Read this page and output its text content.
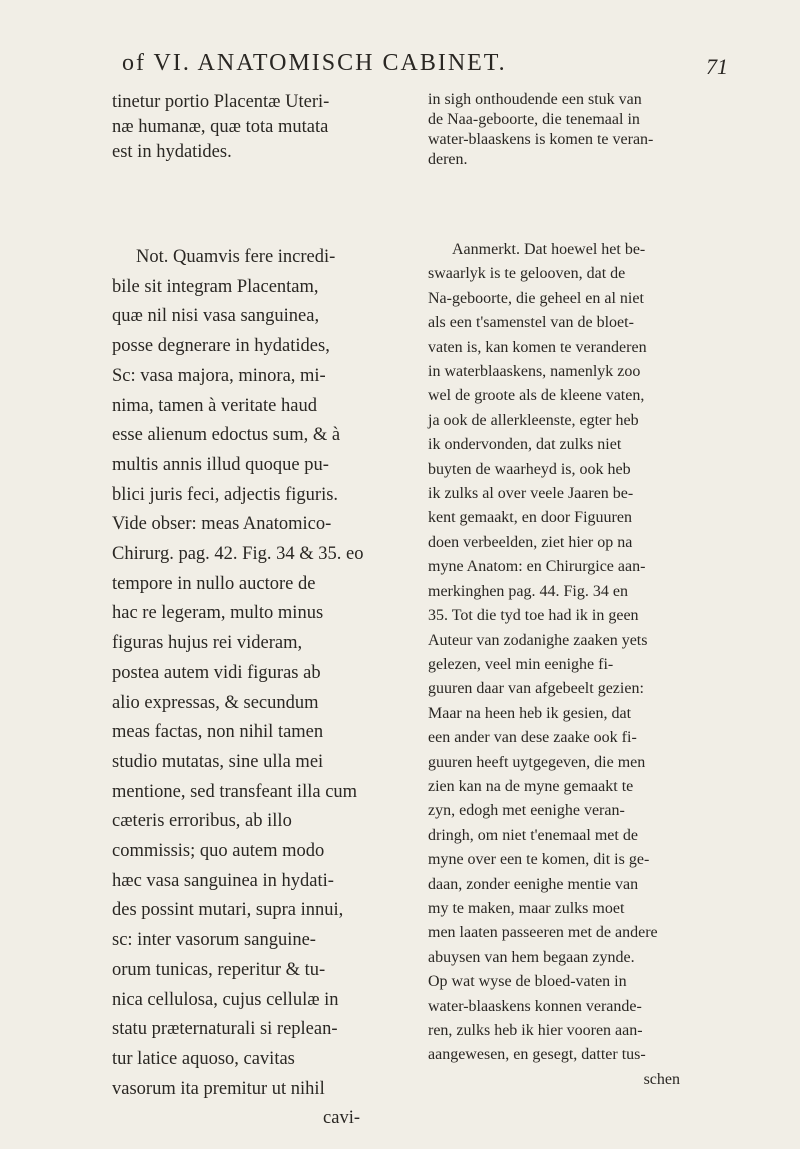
of VI. ANATOMISCH CABINET.	71
tinetur portio Placentæ Uteri-
næ humanæ, quæ tota mutata
est in hydatides.
in sigh onthoudende een stuk van
de Naa-geboorte, die tenemaal in
water-blaaskens is komen te veran-
deren.
Not. Quamvis fere incredi-
bile sit integram Placentam,
quæ nil nisi vasa sanguinea,
posse degnerare in hydatides,
Sc: vasa majora, minora, mi-
nima, tamen à veritate haud
esse alienum edoctus sum, & à
multis annis illud quoque pu-
blici juris feci, adjectis figuris.
Vide obser: meas Anatomico-
Chirurg. pag. 42. Fig. 34 & 35. eo
tempore in nullo auctore de
hac re legeram, multo minus
figuras hujus rei videram,
postea autem vidi figuras ab
alio expressas, & secundum
meas factas, non nihil tamen
studio mutatas, sine ulla mei
mentione, sed transfeant illa cum
cæteris erroribus, ab illo
commissis; quo autem modo
hæc vasa sanguinea in hydati-
des possint mutari, supra innui,
sc: inter vasorum sanguine-
orum tunicas, reperitur & tu-
nica cellulosa, cujus cellulæ in
statu præternaturali si replean-
tur latice aquoso, cavitas
vasorum ita premitur ut nihil
cavi-
Aanmerkt. Dat hoewel het be-
swaarlyk is te gelooven, dat de
Na-geboorte, die geheel en al niet
als een t'samenstel van de bloet-
vaten is, kan komen te veranderen
in waterblaaskens, namenlyk zoo
wel de groote als de kleene vaten,
ja ook de allerkleenste, egter heb
ik ondervonden, dat zulks niet
buyten de waarheyd is, ook heb
ik zulks al over veele Jaaren be-
kent gemaakt, en door Figuuren
doen verbeelden, ziet hier op na
myne Anatom: en Chirurgice aan-
merkinghen pag. 44. Fig. 34 en
35. Tot die tyd toe had ik in geen
Auteur van zodanighe zaaken yets
gelezen, veel min eenighe fi-
guuren daar van afgebeelt gezien:
Maar na heen heb ik gesien, dat
een ander van dese zaake ook fi-
guuren heeft uytgegeven, die men
zien kan na de myne gemaakt te
zyn, edogh met eenighe veran-
dringh, om niet t'enemaal met de
myne over een te komen, dit is ge-
daan, zonder eenighe mentie van
my te maken, maar zulks moet
men laaten passeeren met de andere
abuysen van hem begaan zynde.
Op wat wyse de bloed-vaten in
water-blaaskens konnen verande-
ren, zulks heb ik hier vooren aan-
aangewesen, en gesegt, datter tus-
schen
